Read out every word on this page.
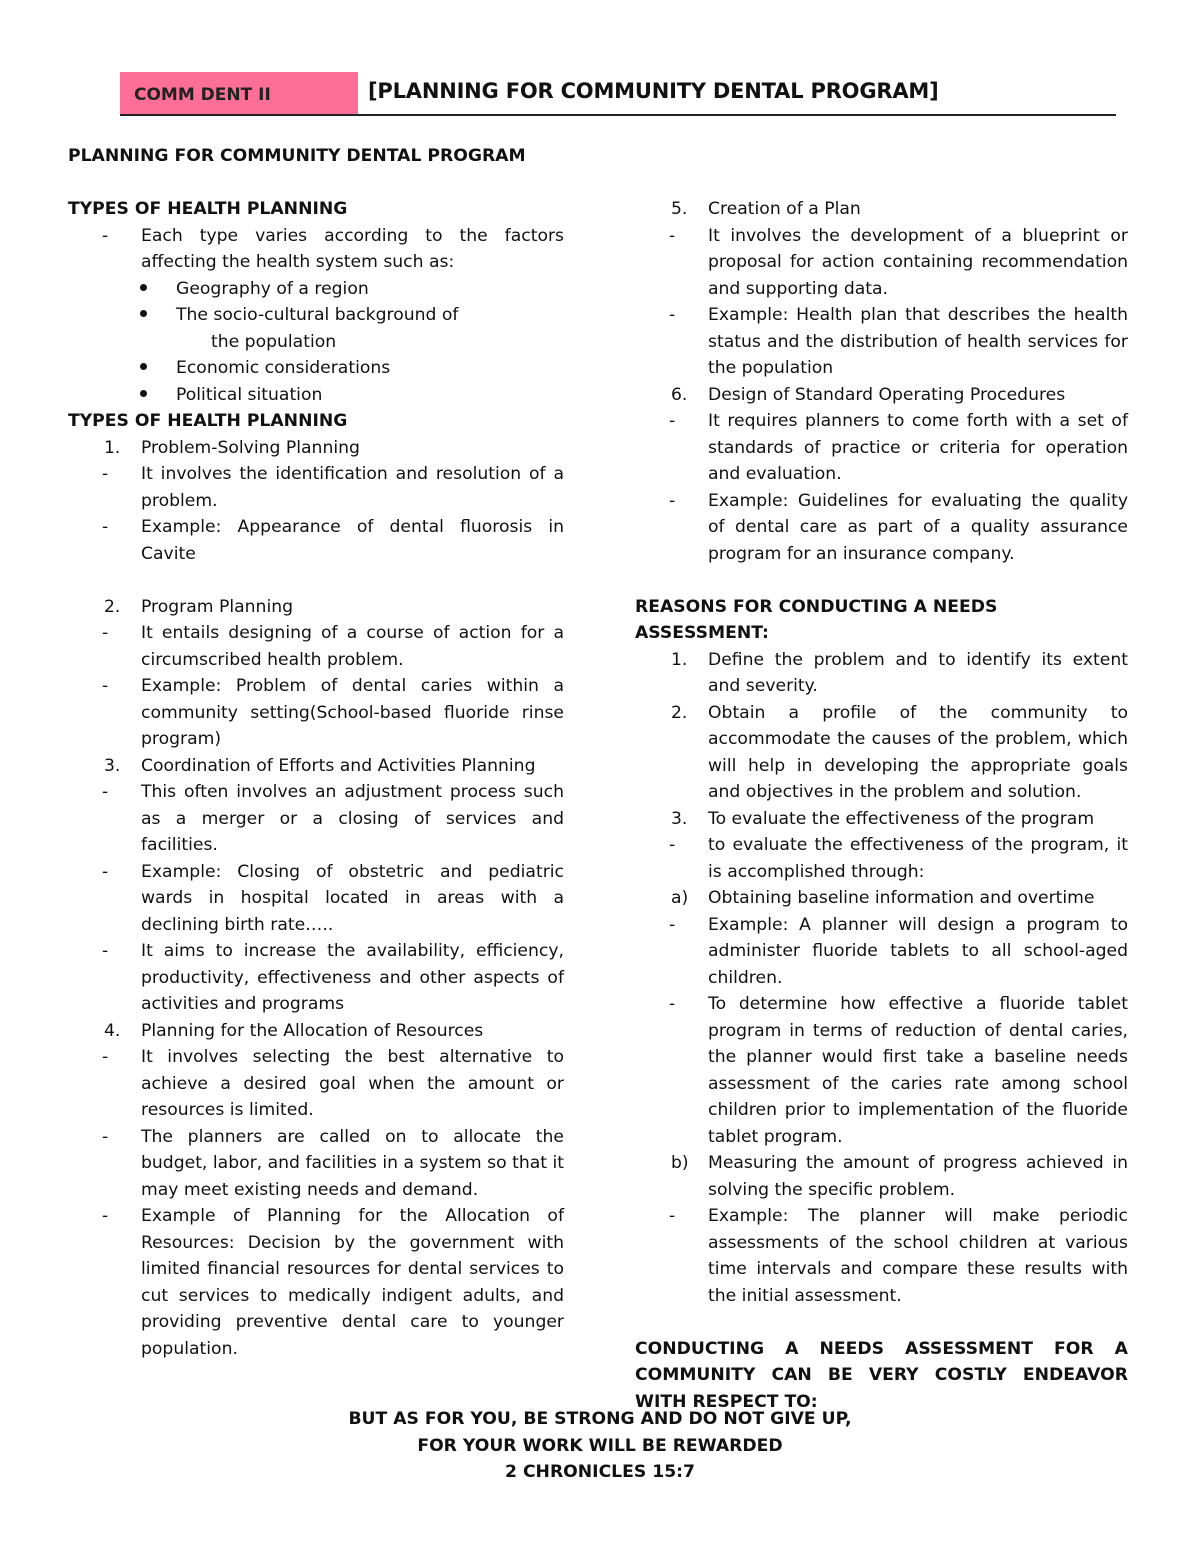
COMM DENT II	[PLANNING FOR COMMUNITY DENTAL PROGRAM]

PLANNING FOR COMMUNITY DENTAL PROGRAM

TYPES OF HEALTH PLANNING

-	Each type varies according to the factors affecting the health system such as:
Geography of a region
The socio-cultural background of

the population

Economic considerations
Political situation

TYPES OF HEALTH PLANNING

1.	Problem-Solving Planning
-	It involves the identification and resolution of a problem.
-	Example: Appearance of dental fluorosis in Cavite
2.	Program Planning
-	It entails designing of a course of action for a circumscribed health problem.
-	Example: Problem of dental caries within a community setting(School-based fluoride rinse program)
3.	Coordination of Efforts and Activities Planning
-	This often involves an adjustment process such as a merger or a closing of services and facilities.
-	Example: Closing of obstetric and pediatric wards in hospital located in areas with a declining birth rate…..
-	It aims to increase the availability, efficiency, productivity, effectiveness and other aspects of activities and programs
4.	Planning for the Allocation of Resources
-	It involves selecting the best alternative to achieve a desired goal when the amount or resources is limited.
-	The planners are called on to allocate the budget, labor, and facilities in a system so that it may meet existing needs and demand.
-	Example of Planning for the Allocation of Resources: Decision by the government with limited financial resources for dental services to cut services to medically indigent adults, and providing preventive dental care to younger population.
5.	Creation of a Plan
-	It involves the development of a blueprint or proposal for action containing recommendation and supporting data.
-	Example: Health plan that describes the health status and the distribution of health services for the population
6.	Design of Standard Operating Procedures
-	It requires planners to come forth with a set of standards of practice or criteria for operation and evaluation.
-	Example: Guidelines for evaluating the quality of dental care as part of a quality assurance program for an insurance company.

REASONS FOR CONDUCTING A NEEDS ASSESSMENT:

1.	Define the problem and to identify its extent and severity.
2.	Obtain a profile of the community to accommodate the causes of the problem, which will help in developing the appropriate goals and objectives in the problem and solution.
3.	To evaluate the effectiveness of the program
-	to evaluate the effectiveness of the program, it is accomplished through:
a)	Obtaining baseline information and overtime
-	Example: A planner will design a program to administer fluoride tablets to all school-aged children.
-	To determine how effective a fluoride tablet program in terms of reduction of dental caries, the planner would first take a baseline needs assessment of the caries rate among school children prior to implementation of the fluoride tablet program.
b)	Measuring the amount of progress achieved in solving the specific problem.
-	Example: The planner will make periodic assessments of the school children at various time intervals and compare these results with the initial assessment.

CONDUCTING A NEEDS ASSESSMENT FOR A COMMUNITY CAN BE VERY COSTLY ENDEAVOR WITH RESPECT TO:

BUT AS FOR YOU, BE STRONG AND DO NOT GIVE UP,
FOR YOUR WORK WILL BE REWARDED
2 CHRONICLES 15:7
